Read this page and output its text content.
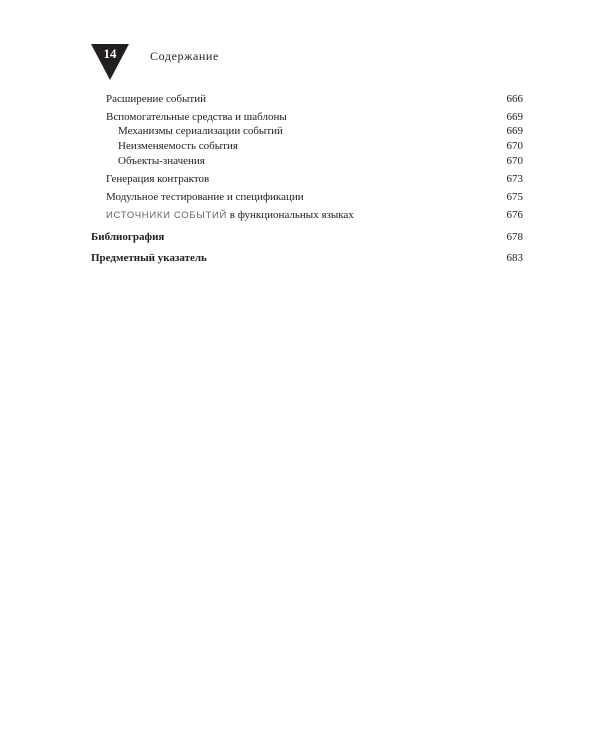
14	Содержание
Расширение событий	666
Вспомогательные средства и шаблоны	669
Механизмы сериализации событий	669
Неизменяемость события	670
Объекты-значения	670
Генерация контрактов	673
Модульное тестирование и спецификации	675
ИСТОЧНИКИ СОБЫТИЙ в функциональных языках	676
Библиография	678
Предметный указатель	683
